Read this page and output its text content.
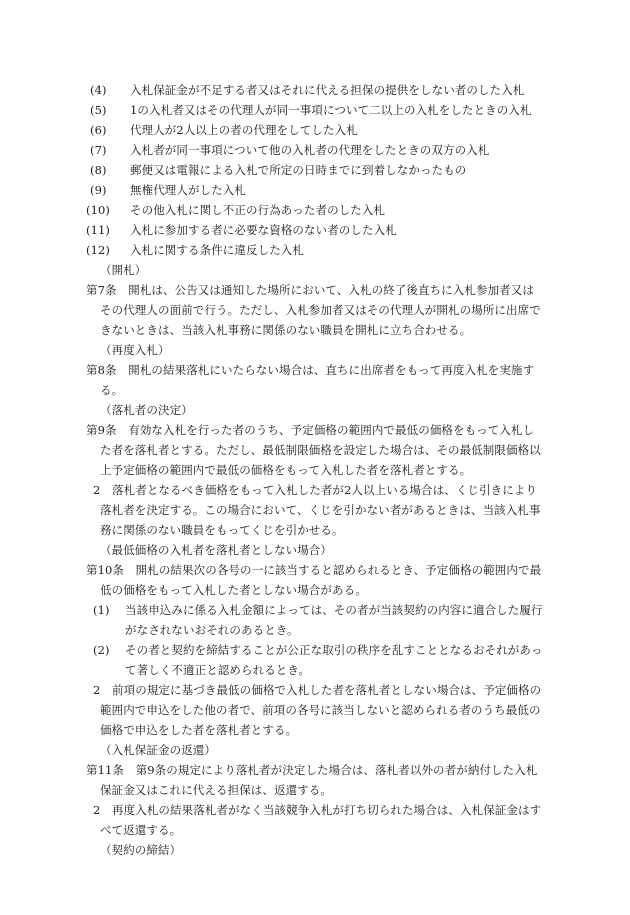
(4) 入札保証金が不足する者又はそれに代える担保の提供をしない者のした入札
(5) 1の入札者又はその代理人が同一事項について二以上の入札をしたときの入札
(6) 代理人が2人以上の者の代理をしてした入札
(7) 入札者が同一事項について他の入札者の代理をしたときの双方の入札
(8) 郵便又は電報による入札で所定の日時までに到着しなかったもの
(9) 無権代理人がした入札
(10) その他入札に関し不正の行為あった者のした入札
(11) 入札に参加する者に必要な資格のない者のした入札
(12) 入札に関する条件に違反した入札
（開札）
第7条　開札は、公告又は通知した場所において、入札の終了後直ちに入札参加者又は
その代理人の面前で行う。ただし、入札参加者又はその代理人が開札の場所に出席で
きないときは、当該入札事務に関係のない職員を開札に立ち合わせる。
（再度入札）
第8条　開札の結果落札にいたらない場合は、直ちに出席者をもって再度入札を実施す
る。
（落札者の決定）
第9条　有効な入札を行った者のうち、予定価格の範囲内で最低の価格をもって入札し
た者を落札者とする。ただし、最低制限価格を設定した場合は、その最低制限価格以
上予定価格の範囲内で最低の価格をもって入札した者を落札者とする。
2　落札者となるべき価格をもって入札した者が2人以上いる場合は、くじ引きにより
落札者を決定する。この場合において、くじを引かない者があるときは、当該入札事
務に関係のない職員をもってくじを引かせる。
（最低価格の入札者を落札者としない場合）
第10条　開札の結果次の各号の一に該当すると認められるとき、予定価格の範囲内で最
低の価格をもって入札した者としない場合がある。
(1) 当該申込みに係る入札金額によっては、その者が当該契約の内容に適合した履行
がなされないおそれのあるとき。
(2) その者と契約を締結することが公正な取引の秩序を乱すこととなるおそれがあっ
て著しく不適正と認められるとき。
2　前項の規定に基づき最低の価格で入札した者を落札者としない場合は、予定価格の
範囲内で申込をした他の者で、前項の各号に該当しないと認められる者のうち最低の
価格で申込をした者を落札者とする。
（入札保証金の返還）
第11条　第9条の規定により落札者が決定した場合は、落札者以外の者が納付した入札
保証金又はこれに代える担保は、返還する。
2　再度入札の結果落札者がなく当該競争入札が打ち切られた場合は、入札保証金はす
べて返還する。
（契約の締結）
